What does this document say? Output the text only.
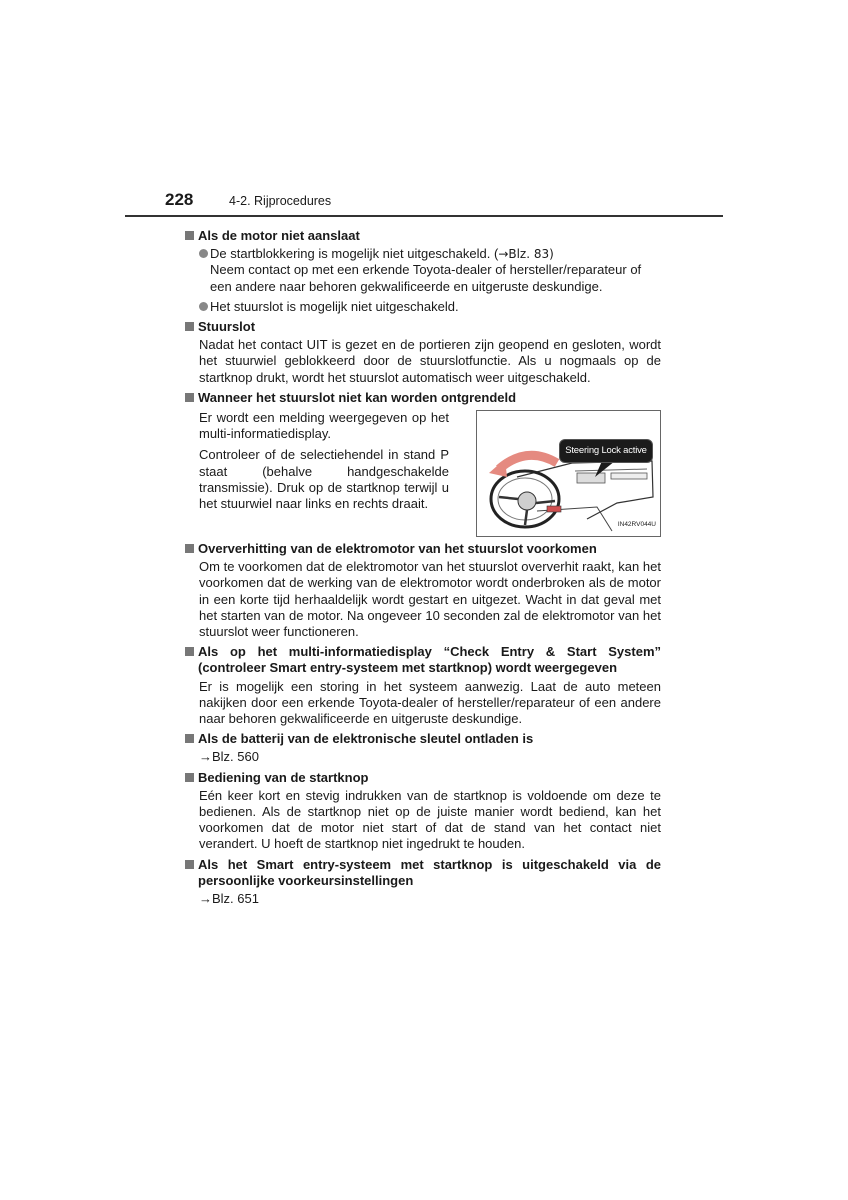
228	4-2. Rijprocedures
Als de motor niet aanslaat
De startblokkering is mogelijk niet uitgeschakeld. (→Blz. 83)
Neem contact op met een erkende Toyota-dealer of hersteller/reparateur of een andere naar behoren gekwalificeerde en uitgeruste deskundige.
Het stuurslot is mogelijk niet uitgeschakeld.
Stuurslot
Nadat het contact UIT is gezet en de portieren zijn geopend en gesloten, wordt het stuurwiel geblokkeerd door de stuurslotfunctie. Als u nogmaals op de startknop drukt, wordt het stuurslot automatisch weer uitgeschakeld.
Wanneer het stuurslot niet kan worden ontgrendeld

Er wordt een melding weergegeven op het multi-informatiedisplay.

Controleer of de selectiehendel in stand P staat (behalve handgeschakelde transmissie). Druk op de startknop terwijl u het stuurwiel naar links en rechts draait.

Steering Lock active
IN42RV044U
Oververhitting van de elektromotor van het stuurslot voorkomen
Om te voorkomen dat de elektromotor van het stuurslot oververhit raakt, kan het voorkomen dat de werking van de elektromotor wordt onderbroken als de motor in een korte tijd herhaaldelijk wordt gestart en uitgezet. Wacht in dat geval met het starten van de motor. Na ongeveer 10 seconden zal de elektromotor van het stuurslot weer functioneren.
Als op het multi-informatiedisplay “Check Entry & Start System” (controleer Smart entry-systeem met startknop) wordt weergegeven
Er is mogelijk een storing in het systeem aanwezig. Laat de auto meteen nakijken door een erkende Toyota-dealer of hersteller/reparateur of een andere naar behoren gekwalificeerde en uitgeruste deskundige.
Als de batterij van de elektronische sleutel ontladen is
→Blz. 560
Bediening van de startknop
Eén keer kort en stevig indrukken van de startknop is voldoende om deze te bedienen. Als de startknop niet op de juiste manier wordt bediend, kan het voorkomen dat de motor niet start of dat de stand van het contact niet verandert. U hoeft de startknop niet ingedrukt te houden.
Als het Smart entry-systeem met startknop is uitgeschakeld via de persoonlijke voorkeursinstellingen
→Blz. 651
